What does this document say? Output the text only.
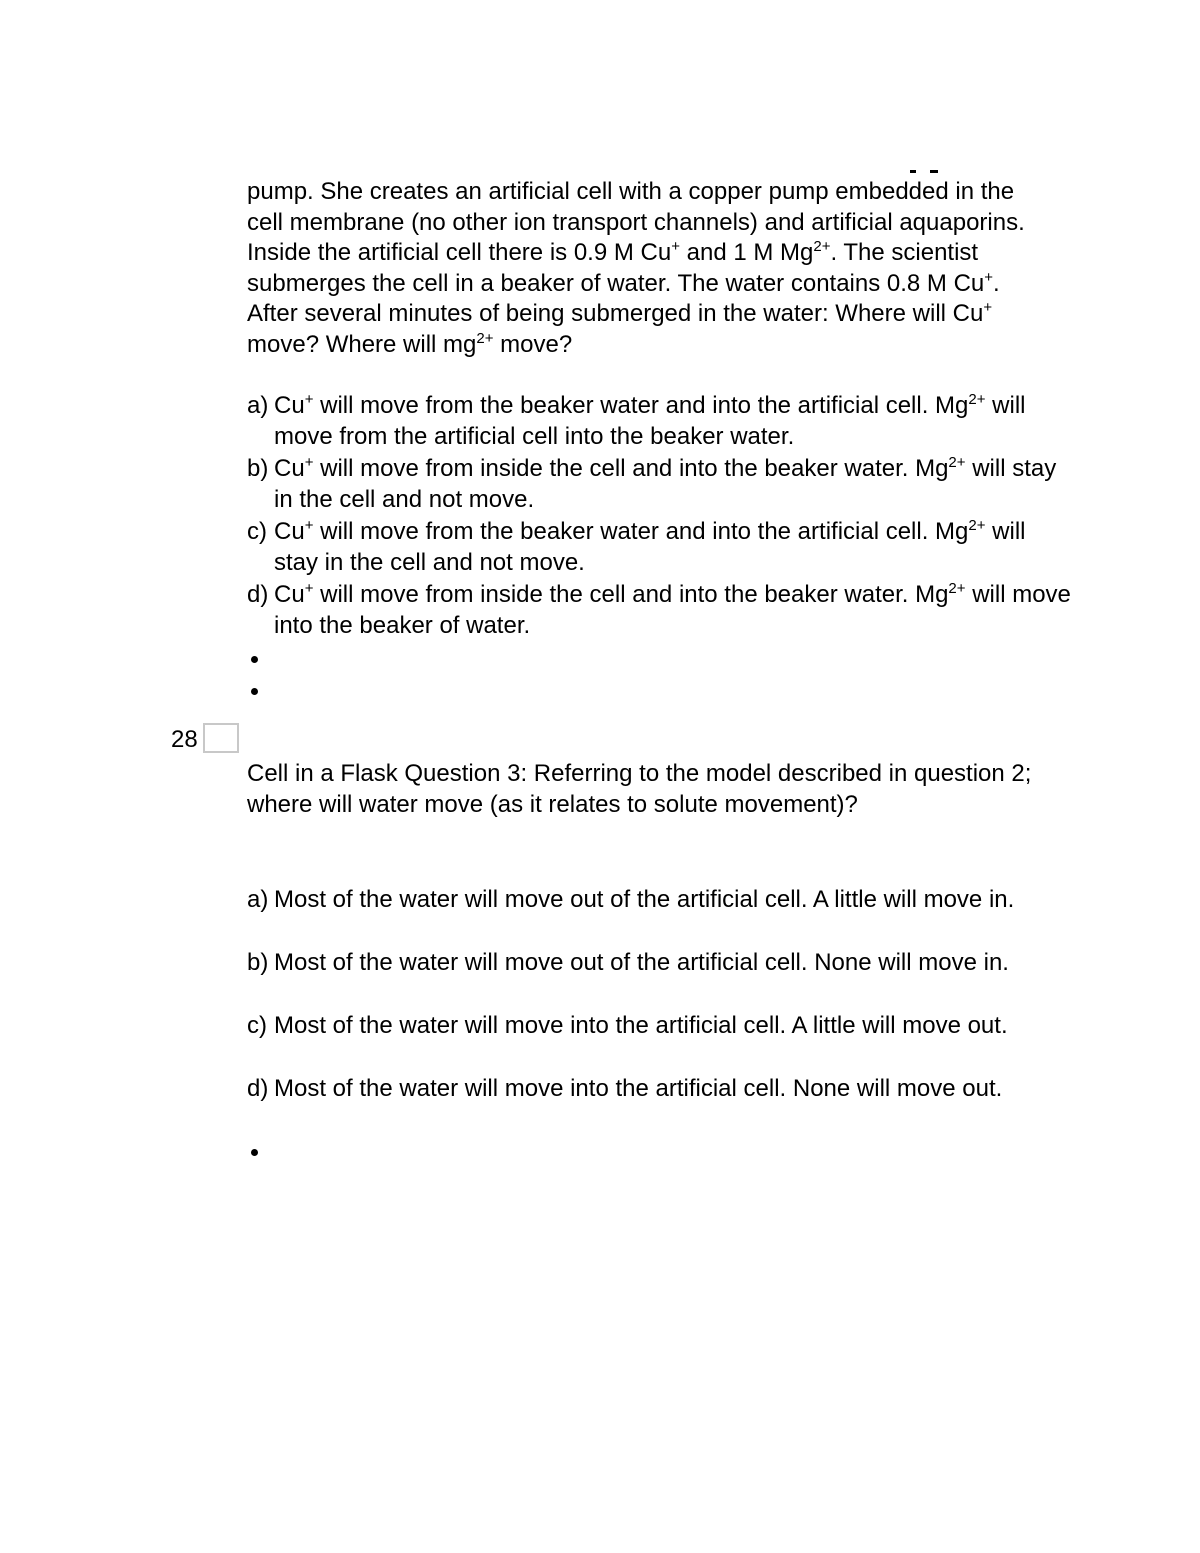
pump. She creates an artificial cell with a copper pump embedded in the cell membrane (no other ion transport channels) and artificial aquaporins. Inside the artificial cell there is 0.9 M Cu+ and 1 M $Mg^{2+}$. The scientist submerges the cell in a beaker of water. The water contains 0.8 M Cu+. After several minutes of being submerged in the water: Where will Cu+ move? Where will $mg^{2+}$ move?
a) Cu+ will move from the beaker water and into the artificial cell. $Mg^{2+}$ will move from the artificial cell into the beaker water.
b) Cu+ will move from inside the cell and into the beaker water. $Mg^{2+}$ will stay in the cell and not move.
c) Cu+ will move from the beaker water and into the artificial cell. $Mg^{2+}$ will stay in the cell and not move.
d) Cu+ will move from inside the cell and into the beaker water. $Mg^{2+}$ will move into the beaker of water.
28
Cell in a Flask Question 3: Referring to the model described in question 2; where will water move (as it relates to solute movement)?
a) Most of the water will move out of the artificial cell. A little will move in.
b) Most of the water will move out of the artificial cell. None will move in.
c) Most of the water will move into the artificial cell. A little will move out.
d) Most of the water will move into the artificial cell. None will move out.
